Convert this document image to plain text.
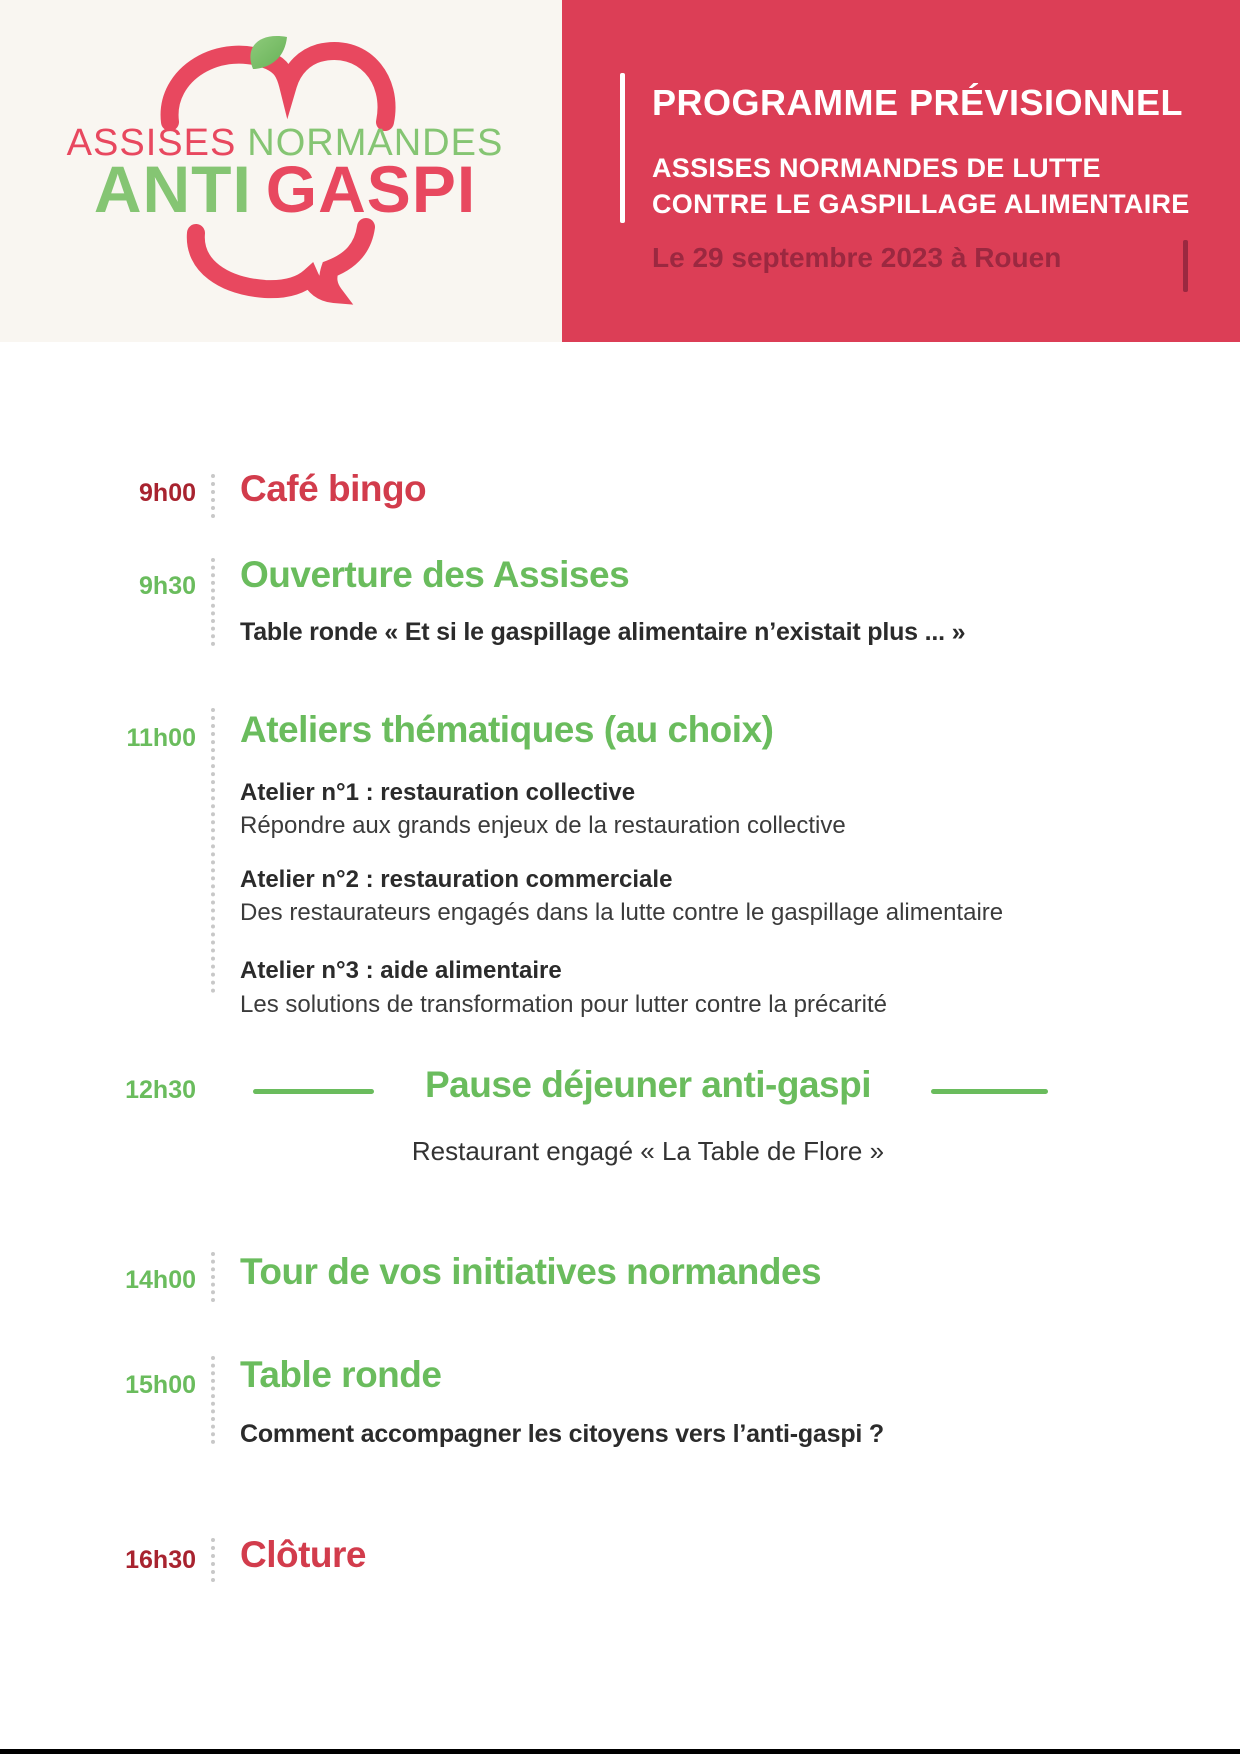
ASSISES NORMANDES
ANTI GASPI
PROGRAMME PRÉVISIONNEL
ASSISES NORMANDES DE LUTTE
CONTRE LE GASPILLAGE ALIMENTAIRE
Le 29 septembre 2023 à Rouen
9h00 Café bingo
9h30 Ouverture des Assises
Table ronde « Et si le gaspillage alimentaire n’existait plus ... »
11h00 Ateliers thématiques (au choix)
Atelier n°1 : restauration collective
Répondre aux grands enjeux de la restauration collective
Atelier n°2 : restauration commerciale
Des restaurateurs engagés dans la lutte contre le gaspillage alimentaire
Atelier n°3 : aide alimentaire
Les solutions de transformation pour lutter contre la précarité
12h30	Pause déjeuner anti-gaspi
Restaurant engagé « La Table de Flore »
14h00 Tour de vos initiatives normandes
15h00 Table ronde
Comment accompagner les citoyens vers l’anti-gaspi ?
16h30 Clôture
